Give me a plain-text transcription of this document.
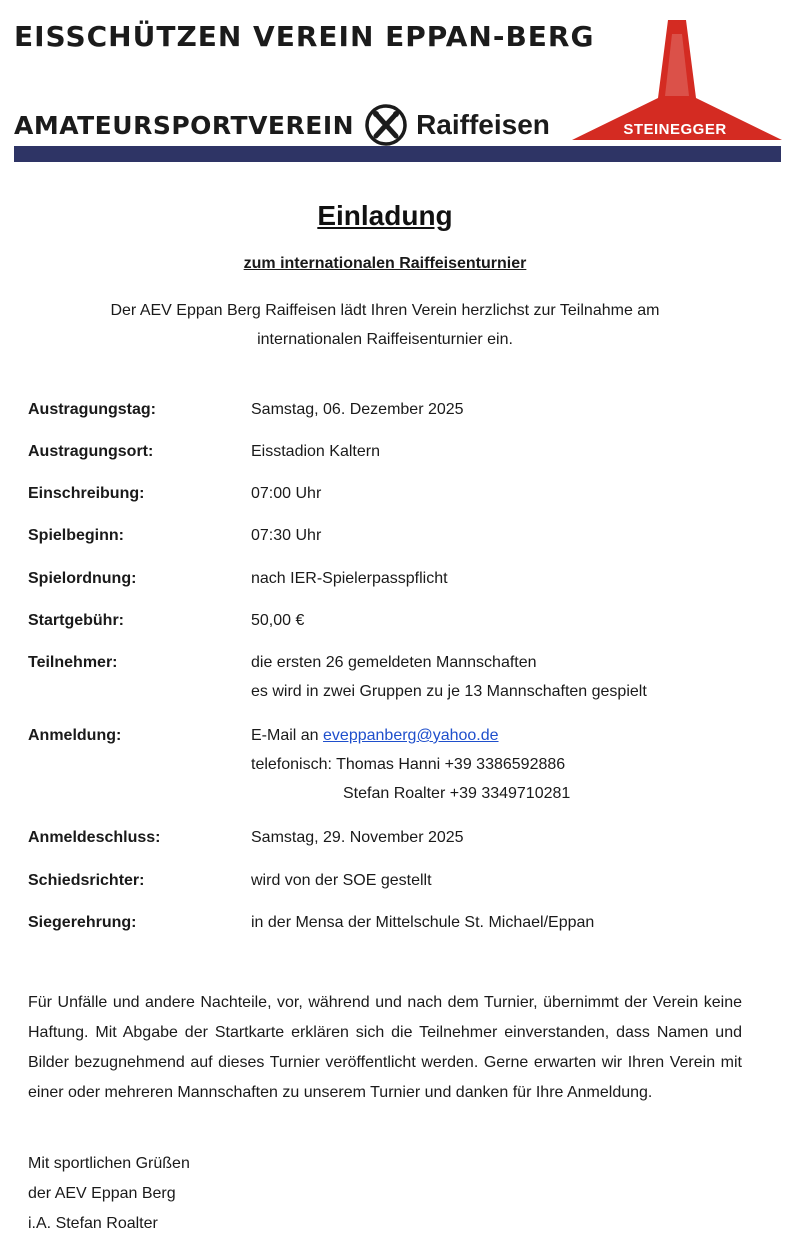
EISSCHÜTZEN VEREIN EPPAN-BERG
AMATEURSPORTVEREIN Raiffeisen	STEINEGGER
Einladung
zum internationalen Raiffeisenturnier
Der AEV Eppan Berg Raiffeisen lädt Ihren Verein herzlichst zur Teilnahme am
internationalen Raiffeisenturnier ein.
Austragungstag:	Samstag, 06. Dezember 2025
Austragungsort:	Eisstadion Kaltern
Einschreibung:	07:00 Uhr
Spielbeginn:	07:30 Uhr
Spielordnung:	nach IER-Spielerpasspflicht
Startgebühr:	50,00 €
Teilnehmer:	die ersten 26 gemeldeten Mannschaften
es wird in zwei Gruppen zu je 13 Mannschaften gespielt
Anmeldung:	E-Mail an eveppanberg@yahoo.de
telefonisch: Thomas Hanni +39 3386592886
Stefan Roalter +39 3349710281
Anmeldeschluss:	Samstag, 29. November 2025
Schiedsrichter:	wird von der SOE gestellt
Siegerehrung:	in der Mensa der Mittelschule St. Michael/Eppan
Für Unfälle und andere Nachteile, vor, während und nach dem Turnier, übernimmt der Verein keine Haftung. Mit Abgabe der Startkarte erklären sich die Teilnehmer einverstanden, dass Namen und Bilder bezugnehmend auf dieses Turnier veröffentlicht werden. Gerne erwarten wir Ihren Verein mit einer oder mehreren Mannschaften zu unserem Turnier und danken für Ihre Anmeldung.
Mit sportlichen Grüßen
der AEV Eppan Berg
i.A. Stefan Roalter
